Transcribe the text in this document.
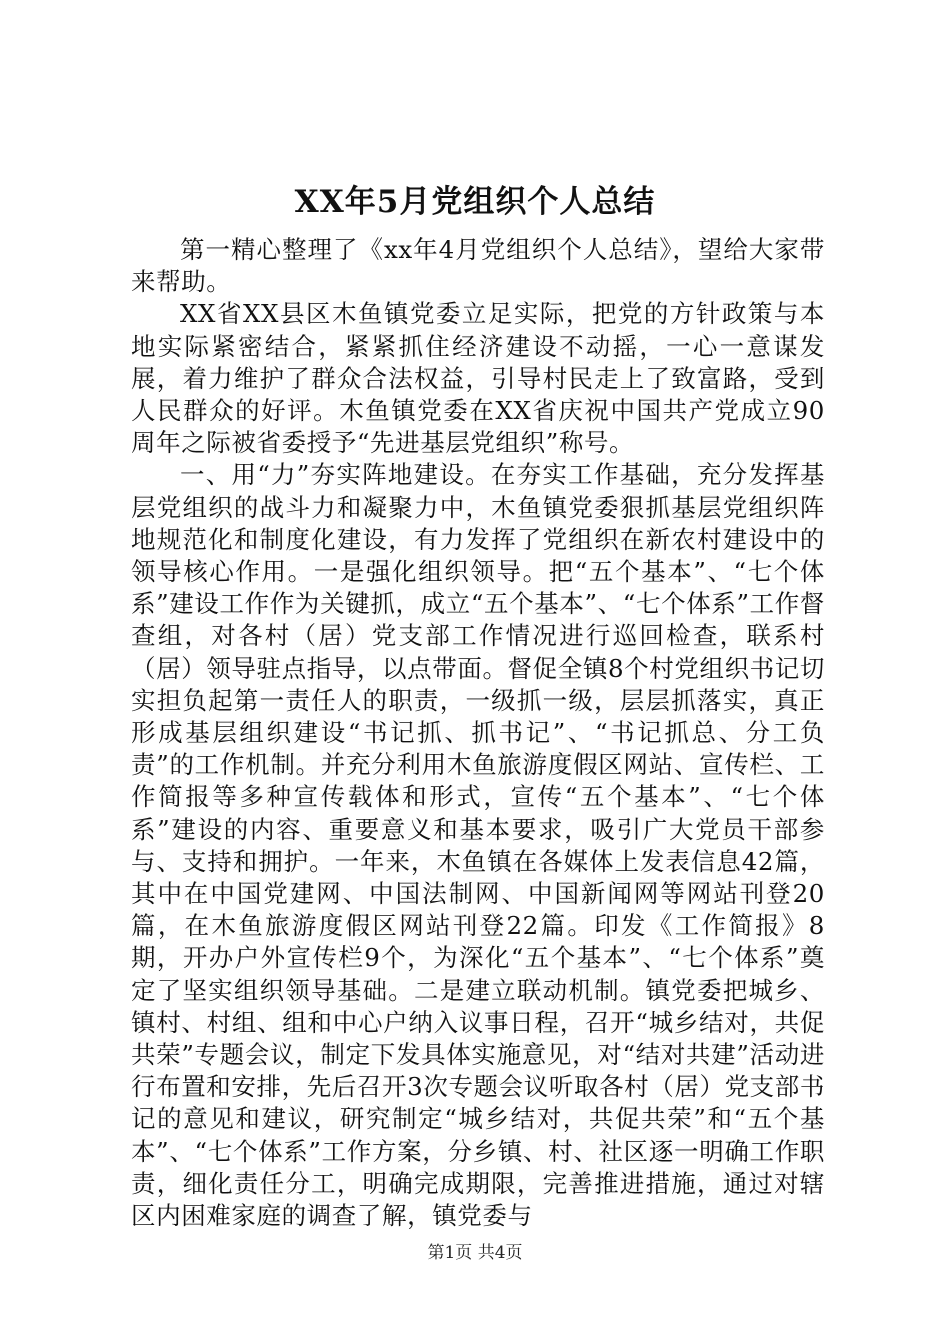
XX年5月党组织个人总结

第一精心整理了《xx年4月党组织个人总结》，望给大家带来帮助。

XX省XX县区木鱼镇党委立足实际，把党的方针政策与本地实际紧密结合，紧紧抓住经济建设不动摇，一心一意谋发展，着力维护了群众合法权益，引导村民走上了致富路，受到人民群众的好评。木鱼镇党委在XX省庆祝中国共产党成立90周年之际被省委授予“先进基层党组织”称号。

一、用“力”夯实阵地建设。在夯实工作基础，充分发挥基层党组织的战斗力和凝聚力中，木鱼镇党委狠抓基层党组织阵地规范化和制度化建设，有力发挥了党组织在新农村建设中的领导核心作用。一是强化组织领导。把“五个基本”、“七个体系”建设工作作为关键抓，成立“五个基本”、“七个体系”工作督查组，对各村（居）党支部工作情况进行巡回检查，联系村（居）领导驻点指导，以点带面。督促全镇8个村党组织书记切实担负起第一责任人的职责，一级抓一级，层层抓落实，真正形成基层组织建设“书记抓、抓书记”、“书记抓总、分工负责”的工作机制。并充分利用木鱼旅游度假区网站、宣传栏、工作简报等多种宣传载体和形式，宣传“五个基本”、“七个体系”建设的内容、重要意义和基本要求，吸引广大党员干部参与、支持和拥护。一年来，木鱼镇在各媒体上发表信息42篇，其中在中国党建网、中国法制网、中国新闻网等网站刊登20篇，在木鱼旅游度假区网站刊登22篇。印发《工作简报》8期，开办户外宣传栏9个，为深化“五个基本”、“七个体系”奠定了坚实组织领导基础。二是建立联动机制。镇党委把城乡、镇村、村组、组和中心户纳入议事日程，召开“城乡结对，共促共荣”专题会议，制定下发具体实施意见，对“结对共建”活动进行布置和安排，先后召开3次专题会议听取各村（居）党支部书记的意见和建议，研究制定“城乡结对，共促共荣”和“五个基本”、“七个体系”工作方案，分乡镇、村、社区逐一明确工作职责，细化责任分工，明确完成期限，完善推进措施，通过对辖区内困难家庭的调查了解，镇党委与

第1页 共4页
